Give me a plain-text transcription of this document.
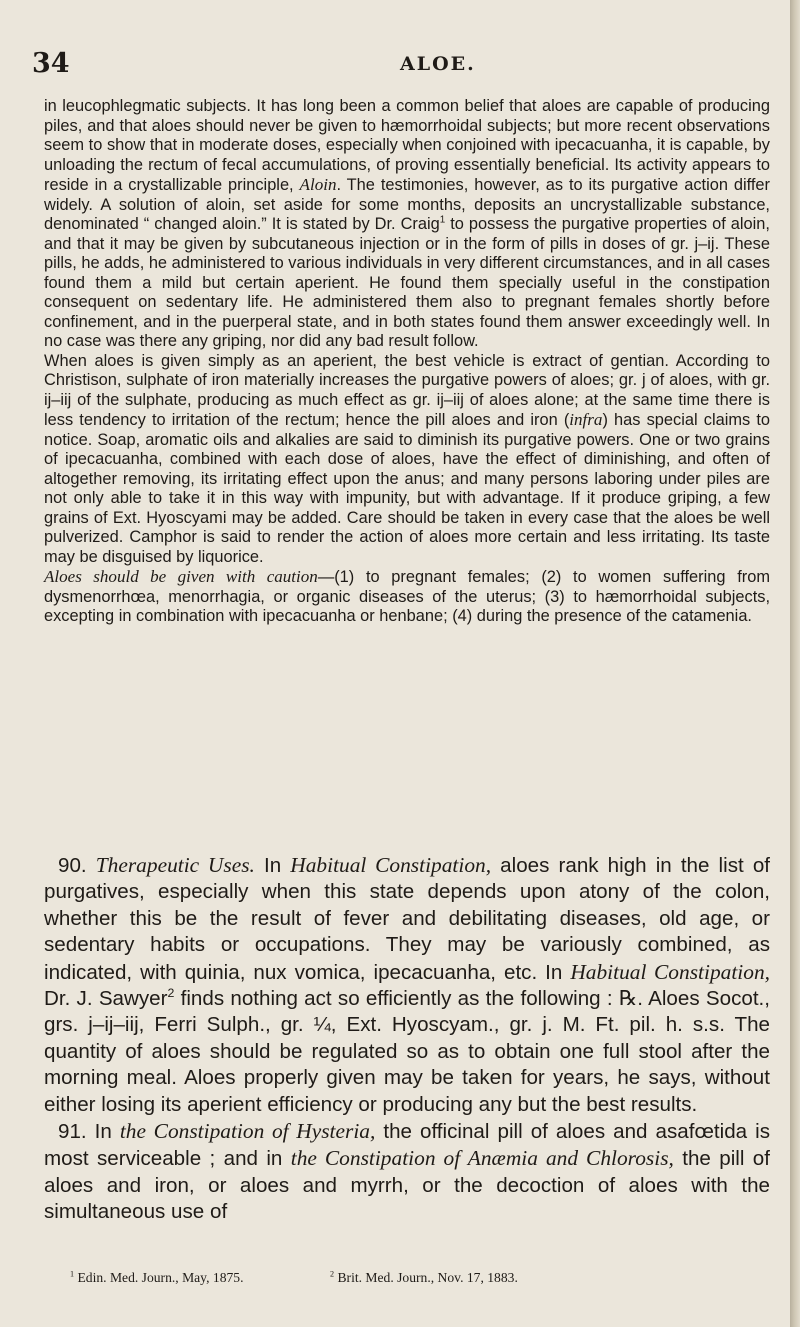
34	ALOE.

in leucophlegmatic subjects. It has long been a common belief that aloes are capable of producing piles, and that aloes should never be given to hæmorrhoidal subjects; but more recent observations seem to show that in moderate doses, especially when conjoined with ipecacuanha, it is capable, by unloading the rectum of fecal accumulations, of proving essentially beneficial. Its activity appears to reside in a crystallizable principle, Aloin. The testimonies, however, as to its purgative action differ widely. A solution of aloin, set aside for some months, deposits an uncrystallizable substance, denominated “ changed aloin.” It is stated by Dr. Craig$^1$ to possess the purgative properties of aloin, and that it may be given by subcutaneous injection or in the form of pills in doses of gr. j–ij. These pills, he adds, he administered to various individuals in very different circumstances, and in all cases found them a mild but certain aperient. He found them specially useful in the constipation consequent on sedentary life. He administered them also to pregnant females shortly before confinement, and in the puerperal state, and in both states found them answer exceedingly well. In no case was there any griping, nor did any bad result follow.

When aloes is given simply as an aperient, the best vehicle is extract of gentian. According to Christison, sulphate of iron materially increases the purgative powers of aloes; gr. j of aloes, with gr. ij–iij of the sulphate, producing as much effect as gr. ij–iij of aloes alone; at the same time there is less tendency to irritation of the rectum; hence the pill aloes and iron (infra) has special claims to notice. Soap, aromatic oils and alkalies are said to diminish its purgative powers. One or two grains of ipecacuanha, combined with each dose of aloes, have the effect of diminishing, and often of altogether removing, its irritating effect upon the anus; and many persons laboring under piles are not only able to take it in this way with impunity, but with advantage. If it produce griping, a few grains of Ext. Hyoscyami may be added. Care should be taken in every case that the aloes be well pulverized. Camphor is said to render the action of aloes more certain and less irritating. Its taste may be disguised by liquorice.

Aloes should be given with caution—(1) to pregnant females; (2) to women suffering from dysmenorrhœa, menorrhagia, or organic diseases of the uterus; (3) to hæmorrhoidal subjects, excepting in combination with ipecacuanha or henbane; (4) during the presence of the catamenia.

90. Therapeutic Uses. In Habitual Constipation, aloes rank high in the list of purgatives, especially when this state depends upon atony of the colon, whether this be the result of fever and debilitating diseases, old age, or sedentary habits or occupations. They may be variously combined, as indicated, with quinia, nux vomica, ipecacuanha, etc. In Habitual Constipation, Dr. J. Sawyer$^2$ finds nothing act so efficiently as the following : ℞. Aloes Socot., grs. j–ij–iij, Ferri Sulph., gr. ¼, Ext. Hyoscyam., gr. j. M. Ft. pil. h. s.s. The quantity of aloes should be regulated so as to obtain one full stool after the morning meal. Aloes properly given may be taken for years, he says, without either losing its aperient efficiency or producing any but the best results.

91. In the Constipation of Hysteria, the officinal pill of aloes and asafœtida is most serviceable ; and in the Constipation of Anæmia and Chlorosis, the pill of aloes and iron, or aloes and myrrh, or the decoction of aloes with the simultaneous use of

$^1$ Edin. Med. Journ., May, 1875.	$^2$ Brit. Med. Journ., Nov. 17, 1883.
